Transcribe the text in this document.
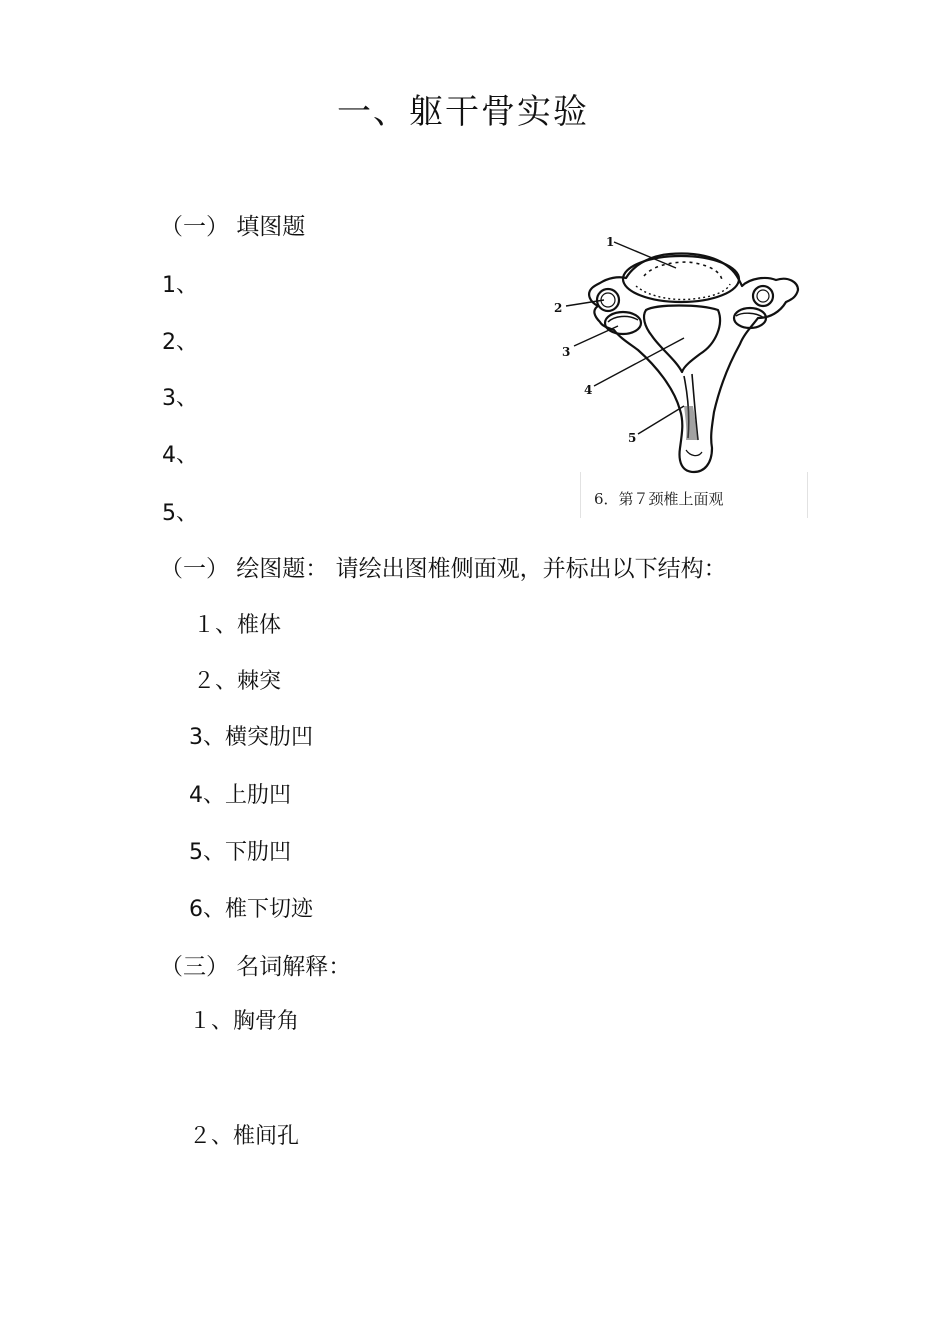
一、躯干骨实验
（一） 填图题
1、
2、
3、
4、
5、
1
2
3
4
5
6．第７颈椎上面观
（一） 绘图题： 请绘出图椎侧面观，并标出以下结构：
１、椎体
２、棘突
3、横突肋凹
4、上肋凹
5、下肋凹
6、椎下切迹
（三） 名词解释：
１、胸骨角
２、椎间孔
